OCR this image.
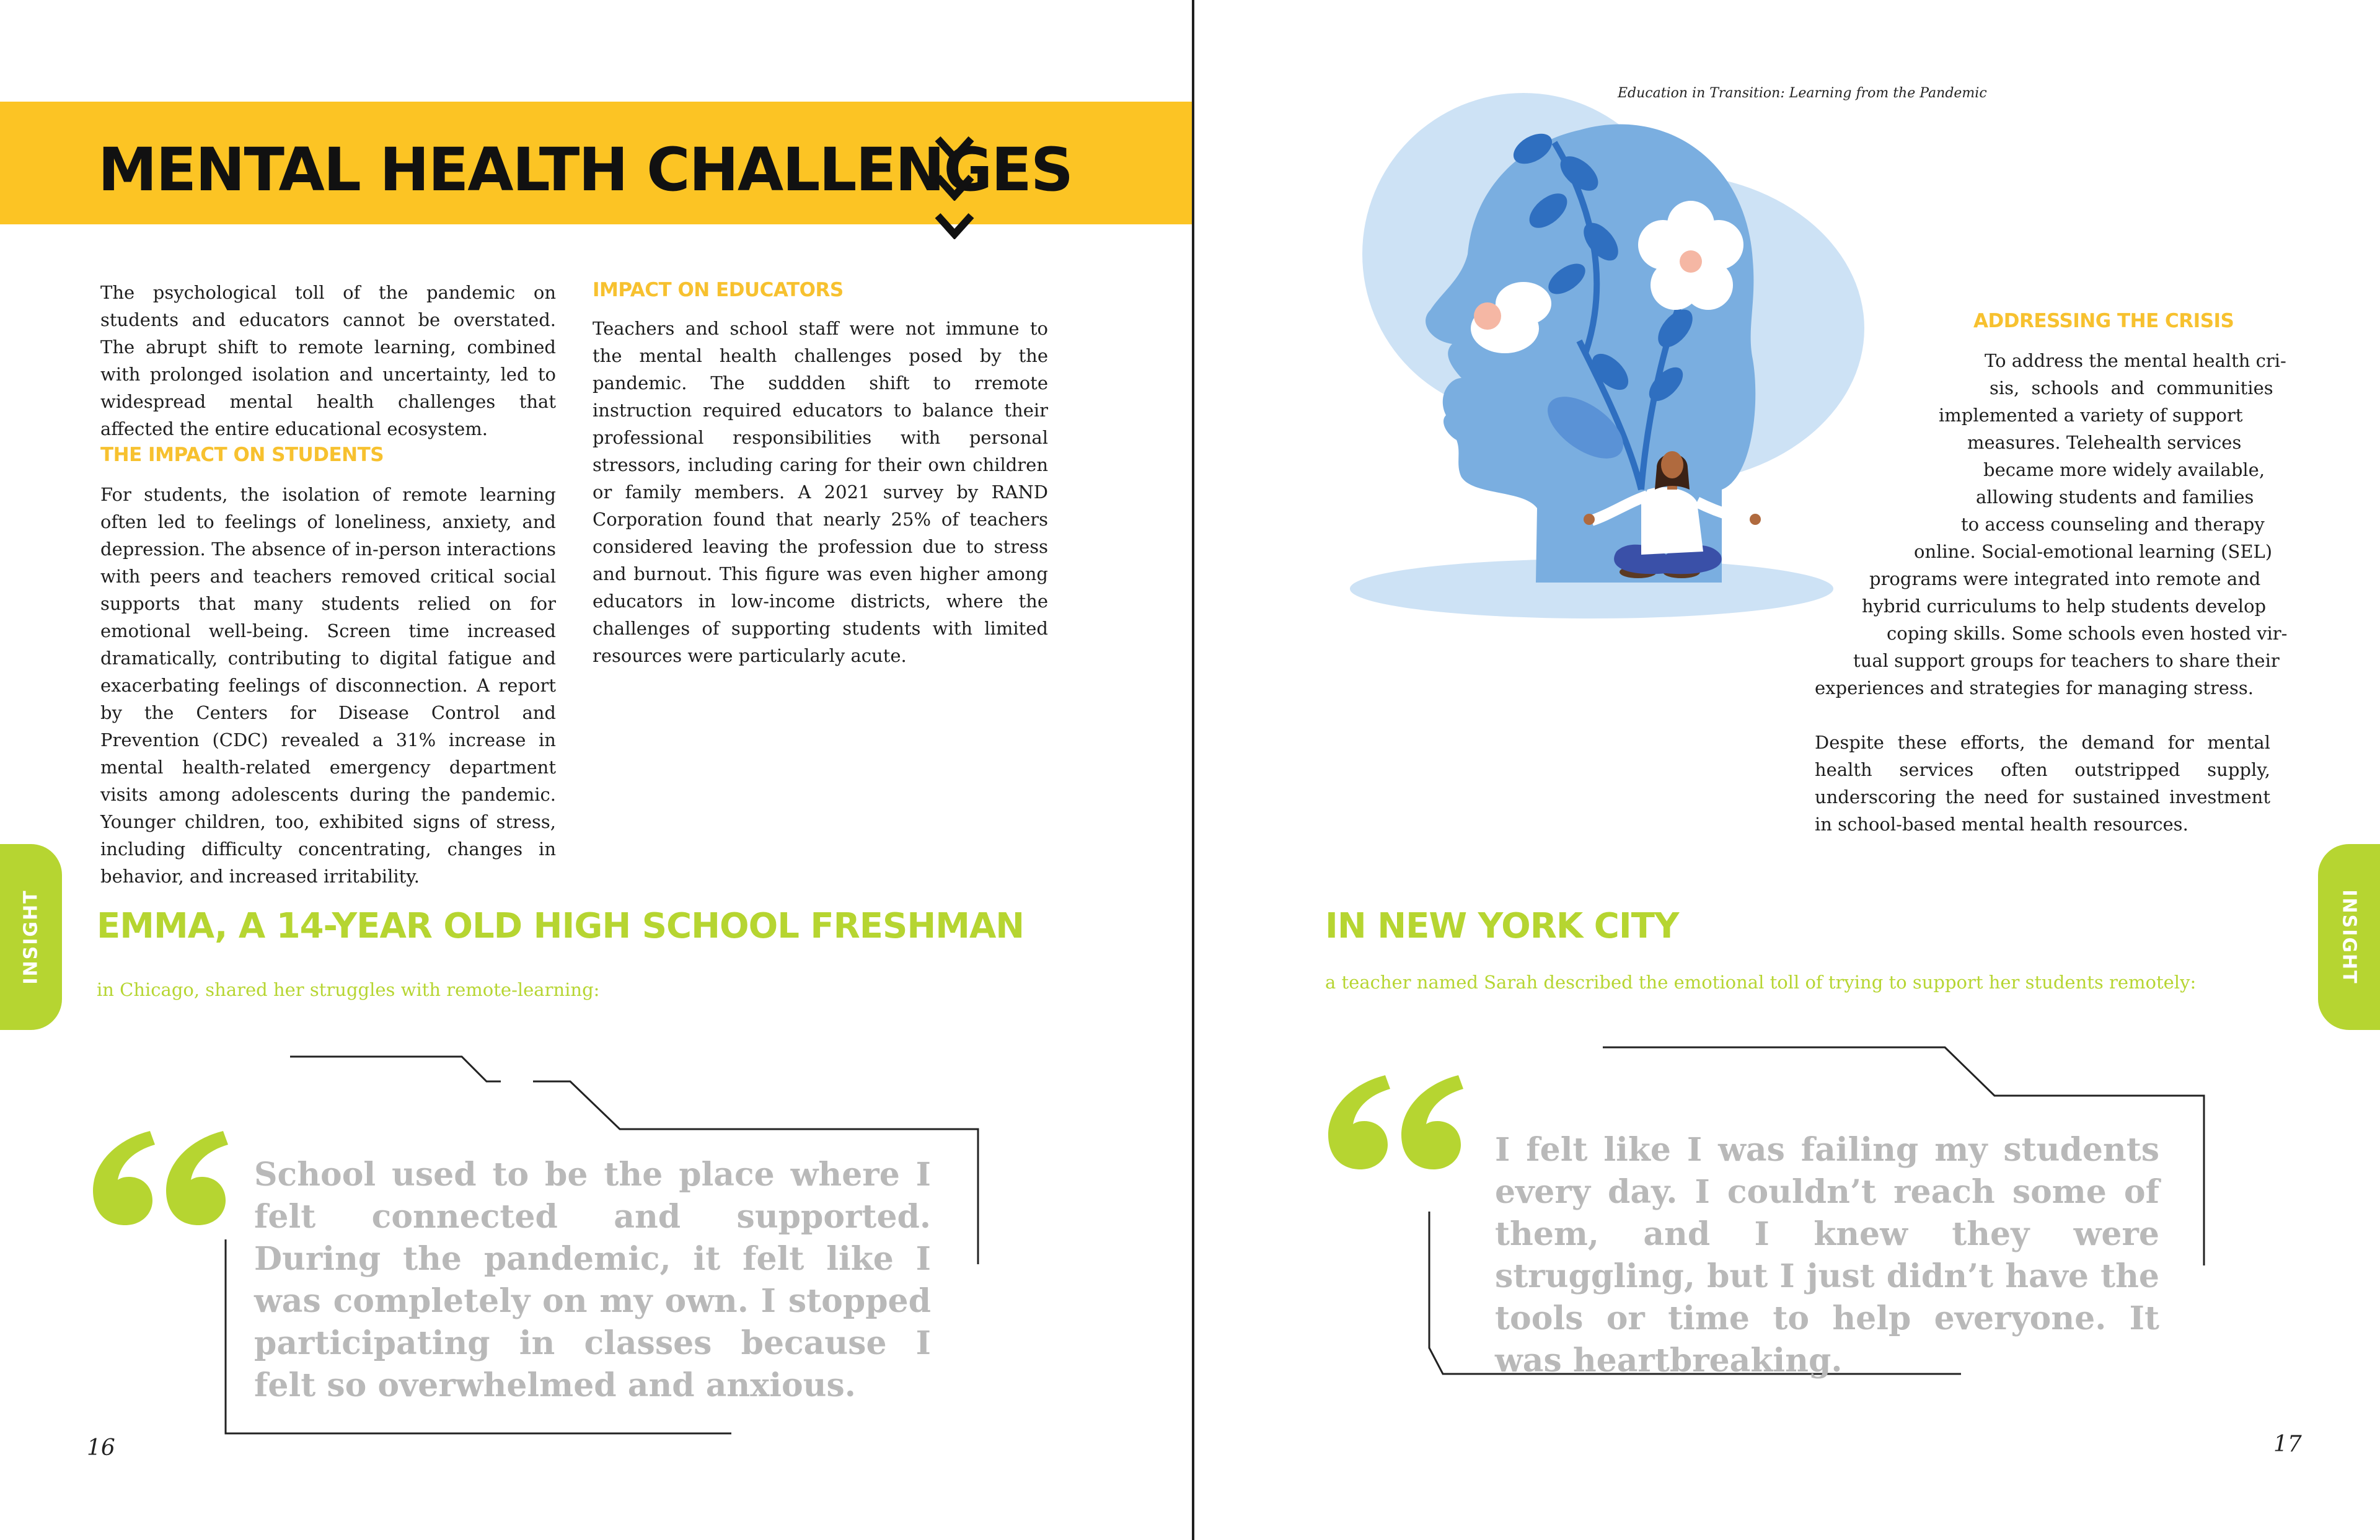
MENTAL HEALTH CHALLENGES

The psychological toll of the pandemic on students and educators cannot be overstated. The abrupt shift to remote learning, combined with prolonged isolation and uncertainty, led to widespread mental health challenges that affected the entire educational ecosystem.

THE IMPACT ON STUDENTS

For students, the isolation of remote learning often led to feelings of loneliness, anxiety, and depression. The absence of in-person interactions with peers and teachers removed critical social supports that many students relied on for emotional well-being. Screen time increased dramatically, contributing to digital fatigue and exacerbating feelings of disconnection. A report by the Centers for Disease Control and Prevention (CDC) revealed a 31% increase in mental health-related emergency department visits among adolescents during the pandemic. Younger children, too, exhibited signs of stress, including difficulty concentrating, changes in behavior, and increased irritability.

IMPACT ON EDUCATORS

Teachers and school staff were not immune to the mental health challenges posed by the pandemic. The suddden shift to rremote instruction required educators to balance their professional responsibilities with personal stressors, including caring for their own children or family members. A 2021 survey by RAND Corporation found that nearly 25% of teachers considered leaving the profession due to stress and burnout. This figure was even higher among educators in low-income districts, where the challenges of supporting students with limited resources were particularly acute.

INSIGHT EMMA, A 14-YEAR OLD HIGH SCHOOL FRESHMAN

in Chicago, shared her struggles with remote-learning:

School used to be the place where I felt connected and supported. During the pandemic, it felt like I was completely on my own. I stopped participating in classes because I felt so overwhelmed and anxious.

16

Education in Transition: Learning from the Pandemic

ADDRESSING THE CRISIS

To address the mental health cri-

sis, schools and communities

implemented a variety of support

measures. Telehealth services

became more widely available,

allowing students and families

to access counseling and therapy

online. Social-emotional learning (SEL)

programs were integrated into remote and

hybrid curriculums to help students develop

coping skills. Some schools even hosted vir-

tual support groups for teachers to share their

experiences and strategies for managing stress.

Despite these efforts, the demand for mental health services often outstripped supply, underscoring the need for sustained investment in school-based mental health resources.

INSIGHT
IN NEW YORK CITY

a teacher named Sarah described the emotional toll of trying to support her students remotely:

I felt like I was failing my students every day. I couldn’t reach some of them, and I knew they were struggling, but I just didn’t have the tools or time to help everyone. It was heartbreaking.

17
